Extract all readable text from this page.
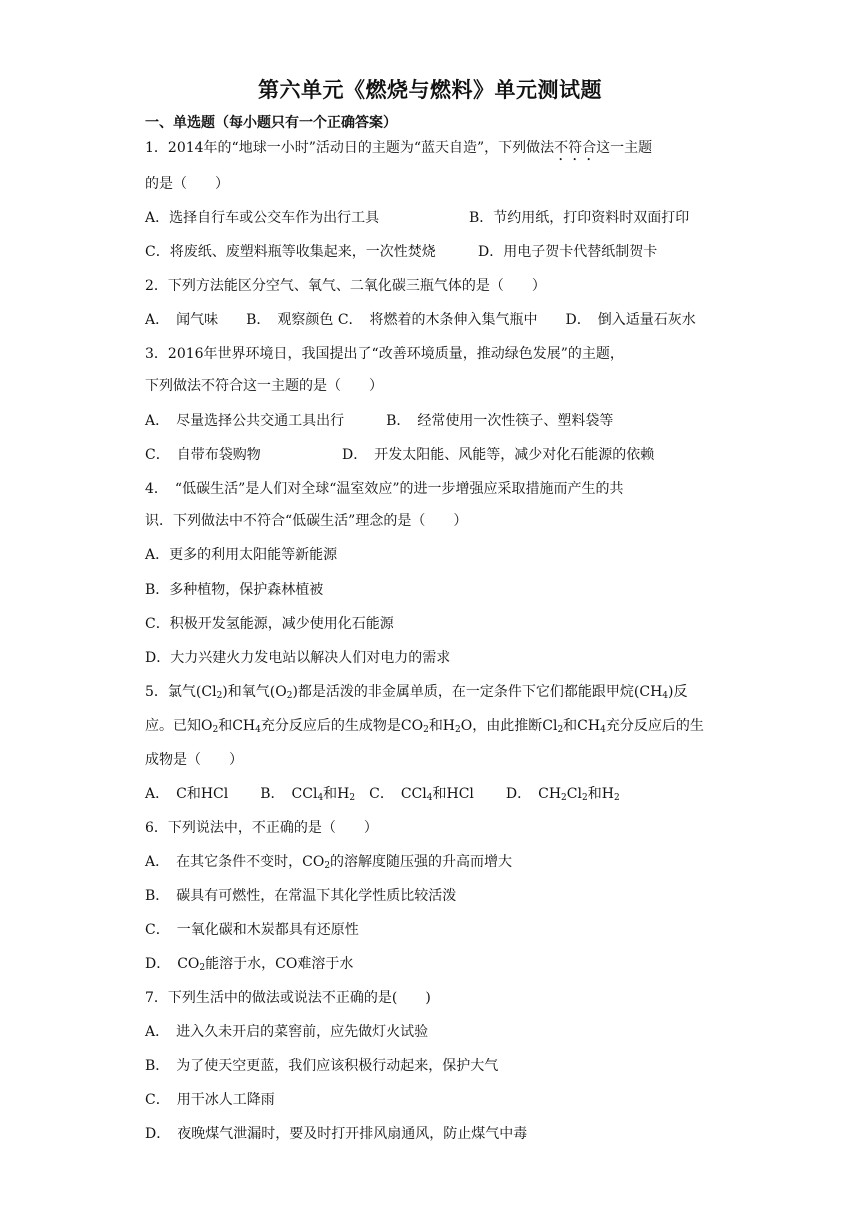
第六单元《燃烧与燃料》单元测试题
一、单选题（每小题只有一个正确答案）
1．2014年的“地球一小时”活动日的主题为“蓝天自造”，下列做法不符合这一主题
的是（　　）
A．选择自行车或公交车作为出行工具	B．节约用纸，打印资料时双面打印
C．将废纸、废塑料瓶等收集起来，一次性焚烧	D．用电子贺卡代替纸制贺卡
2．下列方法能区分空气、氧气、二氧化碳三瓶气体的是（　　）
A．　闻气味　　B．　观察颜色 C．　将燃着的木条伸入集气瓶中　　D．　倒入适量石灰水
3．2016年世界环境日，我国提出了“改善环境质量，推动绿色发展”的主题，
下列做法不符合这一主题的是（　　）
A．　尽量选择公共交通工具出行　　　B．　经常使用一次性筷子、塑料袋等
C．　自带布袋购物	D．　开发太阳能、风能等，减少对化石能源的依赖
4．　“低碳生活”是人们对全球“温室效应”的进一步增强应采取措施而产生的共
识．下列做法中不符合“低碳生活”理念的是（　　）
A．更多的利用太阳能等新能源
B．多种植物，保护森林植被
C．积极开发氢能源，减少使用化石能源
D．大力兴建火力发电站以解决人们对电力的需求
5．氯气$(Cl_2)$和氧气$(O_2)$都是活泼的非金属单质，在一定条件下它们都能跟甲烷$(CH_4)$反
应。已知$O_2$和$CH_4$充分反应后的生成物是$CO_2$和$H_2O$，由此推断$Cl_2$和$CH_4$充分反应后的生
成物是（　　）
A．　C和HCl B．　CCl$_4$和$H_2$ C．　CCl$_4$和HCl D．　$CH_2Cl_2$和$H_2$
6．下列说法中，不正确的是（　　）
A．　在其它条件不变时，$CO_2$的溶解度随压强的升高而增大
B．　碳具有可燃性，在常温下其化学性质比较活泼
C．　一氧化碳和木炭都具有还原性
D．　$CO_2$能溶于水，CO难溶于水
7．下列生活中的做法或说法不正确的是(　　)
A．　进入久未开启的菜窖前，应先做灯火试验
B．　为了使天空更蓝，我们应该积极行动起来，保护大气
C．　用干冰人工降雨
D．　夜晚煤气泄漏时，要及时打开排风扇通风，防止煤气中毒
